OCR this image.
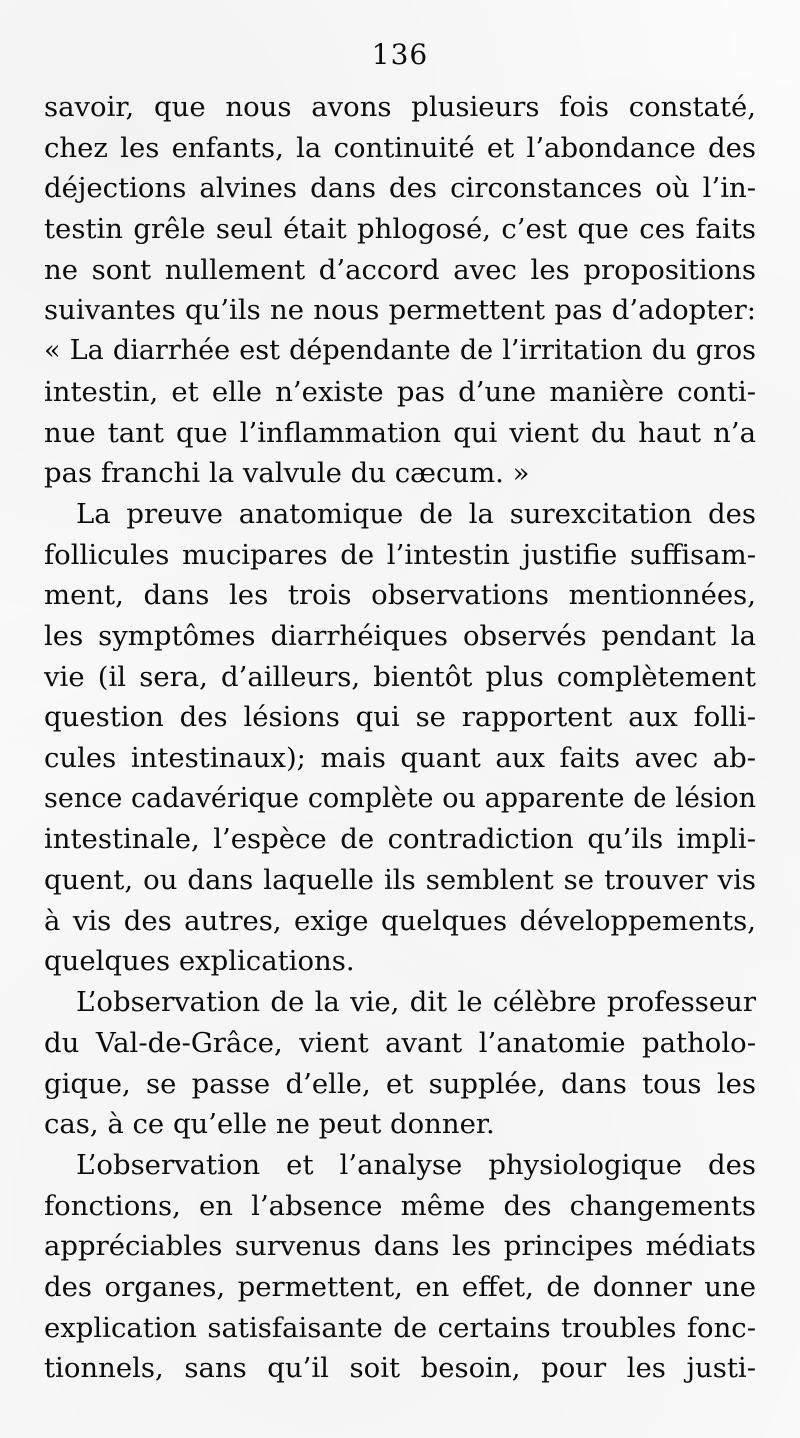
136
savoir, que nous avons plusieurs fois constaté,
chez les enfants, la continuité et l’abondance des
déjections alvines dans des circonstances où l’in-
testin grêle seul était phlogosé, c’est que ces faits
ne sont nullement d’accord avec les propositions
suivantes qu’ils ne nous permettent pas d’adopter:
« La diarrhée est dépendante de l’irritation du gros
intestin, et elle n’existe pas d’une manière conti-
nue tant que l’inflammation qui vient du haut n’a
pas franchi la valvule du cæcum. »
La preuve anatomique de la surexcitation des
follicules mucipares de l’intestin justifie suffisam-
ment, dans les trois observations mentionnées,
les symptômes diarrhéiques observés pendant la
vie (il sera, d’ailleurs, bientôt plus complètement
question des lésions qui se rapportent aux folli-
cules intestinaux); mais quant aux faits avec ab-
sence cadavérique complète ou apparente de lésion
intestinale, l’espèce de contradiction qu’ils impli-
quent, ou dans laquelle ils semblent se trouver vis
à vis des autres, exige quelques développements,
quelques explications.
L’observation de la vie, dit le célèbre professeur
du Val-de-Grâce, vient avant l’anatomie patholo-
gique, se passe d’elle, et supplée, dans tous les
cas, à ce qu’elle ne peut donner.
L’observation et l’analyse physiologique des
fonctions, en l’absence même des changements
appréciables survenus dans les principes médiats
des organes, permettent, en effet, de donner une
explication satisfaisante de certains troubles fonc-
tionnels, sans qu’il soit besoin, pour les justi-
